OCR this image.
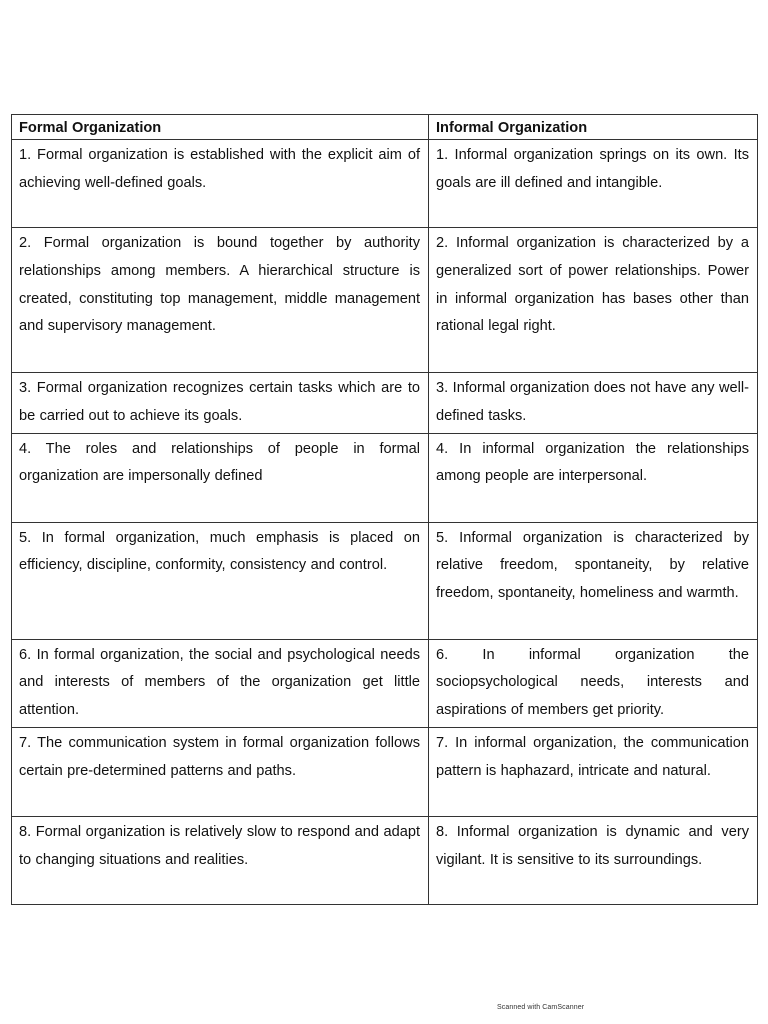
Formal Organization	Informal Organization
1. Formal organization is established with the explicit aim of achieving well-defined goals.	1. Informal organization springs on its own. Its goals are ill defined and intangible.
2. Formal organization is bound together by authority relationships among members. A hierarchical structure is created, constituting top management, middle management and supervisory management.	2. Informal organization is characterized by a generalized sort of power relationships. Power in informal organization has bases other than rational legal right.
3. Formal organization recognizes certain tasks which are to be carried out to achieve its goals.	3. Informal organization does not have any well-defined tasks.
4. The roles and relationships of people in formal organization are impersonally defined	4. In informal organization the relationships among people are interpersonal.
5. In formal organization, much emphasis is placed on efficiency, discipline, conformity, consistency and control.	5. Informal organization is characterized by relative freedom, spontaneity, by relative freedom, spontaneity, homeliness and warmth.
6. In formal organization, the social and psychological needs and interests of members of the organization get little attention.	6. In informal organization the sociopsychological needs, interests and aspirations of members get priority.
7. The communication system in formal organization follows certain pre-determined patterns and paths.	7. In informal organization, the communication pattern is haphazard, intricate and natural.
8. Formal organization is relatively slow to respond and adapt to changing situations and realities.	8. Informal organization is dynamic and very vigilant. It is sensitive to its surroundings.
Scanned with CamScanner
